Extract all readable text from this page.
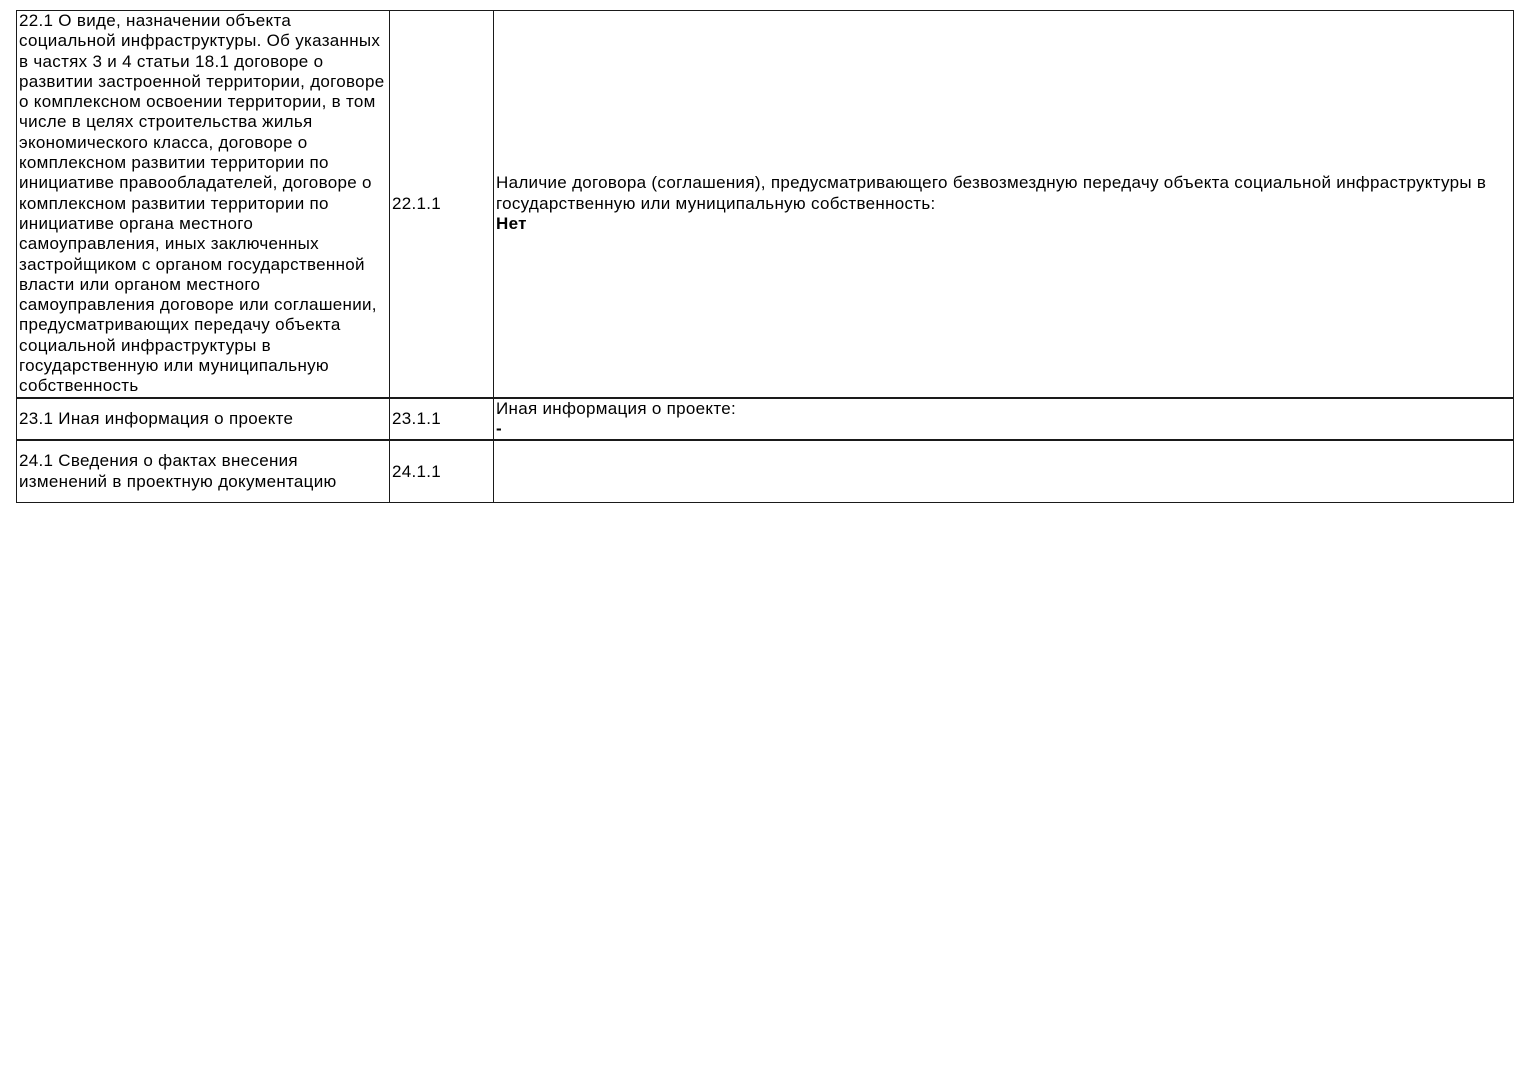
22.1 О виде, назначении объекта социальной инфраструктуры. Об указанных в частях 3 и 4 статьи 18.1 договоре о развитии застроенной территории, договоре о комплексном освоении территории, в том числе в целях строительства жилья экономического класса, договоре о комплексном развитии территории по инициативе правообладателей, договоре о комплексном развитии территории по инициативе органа местного самоуправления, иных заключенных застройщиком с органом государственной власти или органом местного самоуправления договоре или соглашении, предусматривающих передачу объекта социальной инфраструктуры в государственную или муниципальную собственность	22.1.1	Наличие договора (соглашения), предусматривающего безвозмездную передачу объекта социальной инфраструктуры в государственную или муниципальную собственность:
Нет

23.1 Иная информация о проекте	23.1.1	Иная информация о проекте:
-

24.1 Сведения о фактах внесения изменений в проектную документацию	24.1.1	
